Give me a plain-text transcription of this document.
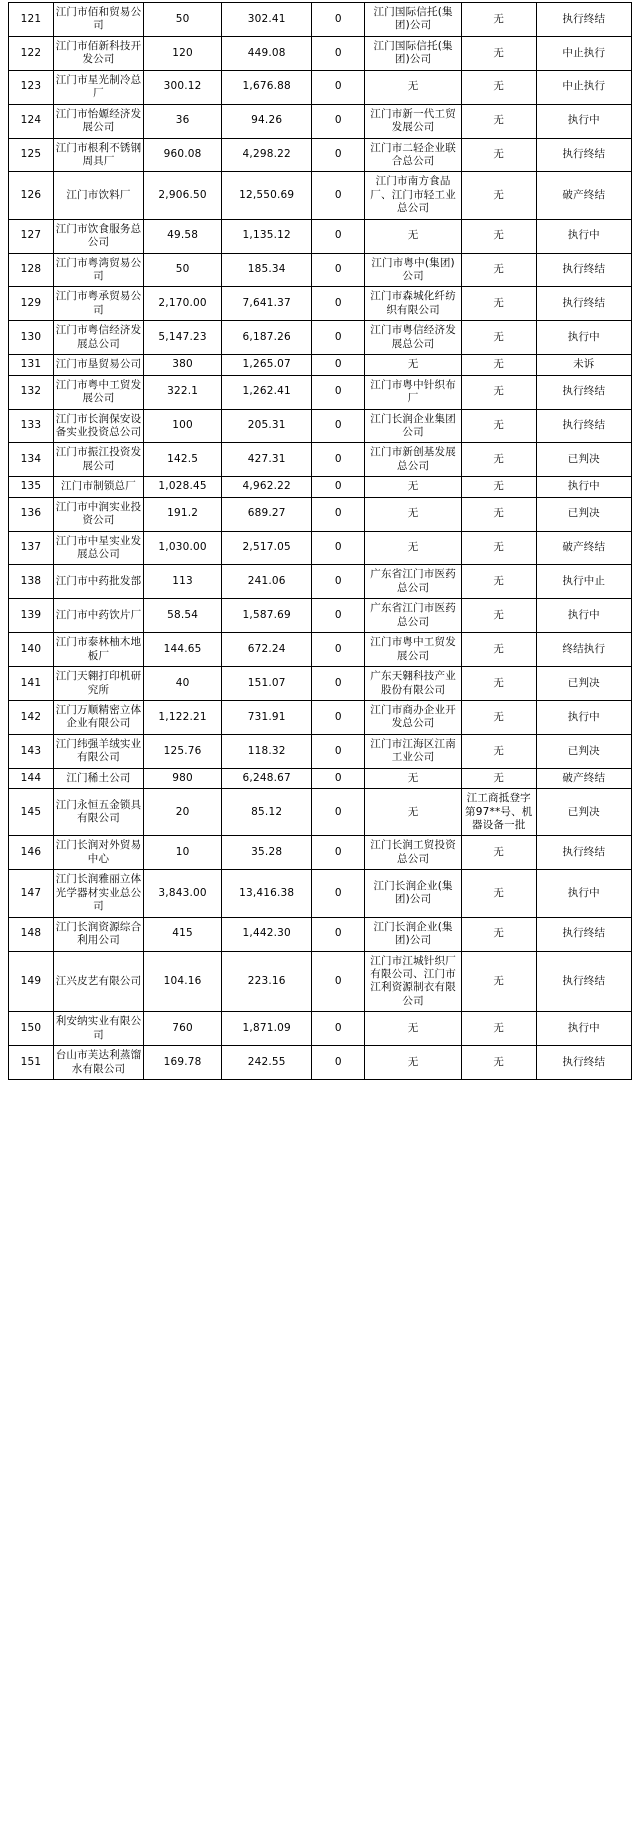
121	江门市佰和贸易公司	50	302.41	0	江门国际信托(集团)公司	无	执行终结
122	江门市佰新科技开发公司	120	449.08	0	江门国际信托(集团)公司	无	中止执行
123	江门市星光制冷总厂	300.12	1,676.88	0	无	无	中止执行
124	江门市怡嫄经济发展公司	36	94.26	0	江门市新一代工贸发展公司	无	执行中
125	江门市根利不锈钢周具厂	960.08	4,298.22	0	江门市二轻企业联合总公司	无	执行终结
126	江门市饮料厂	2,906.50	12,550.69	0	江门市南方食品厂、江门市轻工业总公司	无	破产终结
127	江门市饮食服务总公司	49.58	1,135.12	0	无	无	执行中
128	江门市粤湾贸易公司	50	185.34	0	江门市粤中(集团)公司	无	执行终结
129	江门市粤承贸易公司	2,170.00	7,641.37	0	江门市森城化纤纺织有限公司	无	执行终结
130	江门市粤信经济发展总公司	5,147.23	6,187.26	0	江门市粤信经济发展总公司	无	执行中
131	江门市垦贸易公司	380	1,265.07	0	无	无	未诉
132	江门市粤中工贸发展公司	322.1	1,262.41	0	江门市粤中针织布厂	无	执行终结
133	江门市长润保安设备实业投资总公司	100	205.31	0	江门长润企业集团公司	无	执行终结
134	江门市振江投资发展公司	142.5	427.31	0	江门市新创基发展总公司	无	已判决
135	江门市制锁总厂	1,028.45	4,962.22	0	无	无	执行中
136	江门市中润实业投资公司	191.2	689.27	0	无	无	已判决
137	江门市中星实业发展总公司	1,030.00	2,517.05	0	无	无	破产终结
138	江门市中药批发部	113	241.06	0	广东省江门市医药总公司	无	执行中止
139	江门市中药饮片厂	58.54	1,587.69	0	广东省江门市医药总公司	无	执行中
140	江门市泰林柚木地板厂	144.65	672.24	0	江门市粤中工贸发展公司	无	终结执行
141	江门天翱打印机研究所	40	151.07	0	广东天翱科技产业股份有限公司	无	已判决
142	江门万顺精密立体企业有限公司	1,122.21	731.91	0	江门市商办企业开发总公司	无	执行中
143	江门纬强羊绒实业有限公司	125.76	118.32	0	江门市江海区江南工业公司	无	已判决
144	江门稀土公司	980	6,248.67	0	无	无	破产终结
145	江门永恒五金锁具有限公司	20	85.12	0	无	江工商抵登字第97**号、机器设备一批	已判决
146	江门长润对外贸易中心	10	35.28	0	江门长润工贸投资总公司	无	执行终结
147	江门长润雅丽立体光学器材实业总公司	3,843.00	13,416.38	0	江门长润企业(集团)公司	无	执行中
148	江门长润资源综合利用公司	415	1,442.30	0	江门长润企业(集团)公司	无	执行终结
149	江兴皮艺有限公司	104.16	223.16	0	江门市江城针织厂有限公司、江门市江利资源制衣有限公司	无	执行终结
150	利安纳实业有限公司	760	1,871.09	0	无	无	执行中
151	台山市芙达利蒸馏水有限公司	169.78	242.55	0	无	无	执行终结
